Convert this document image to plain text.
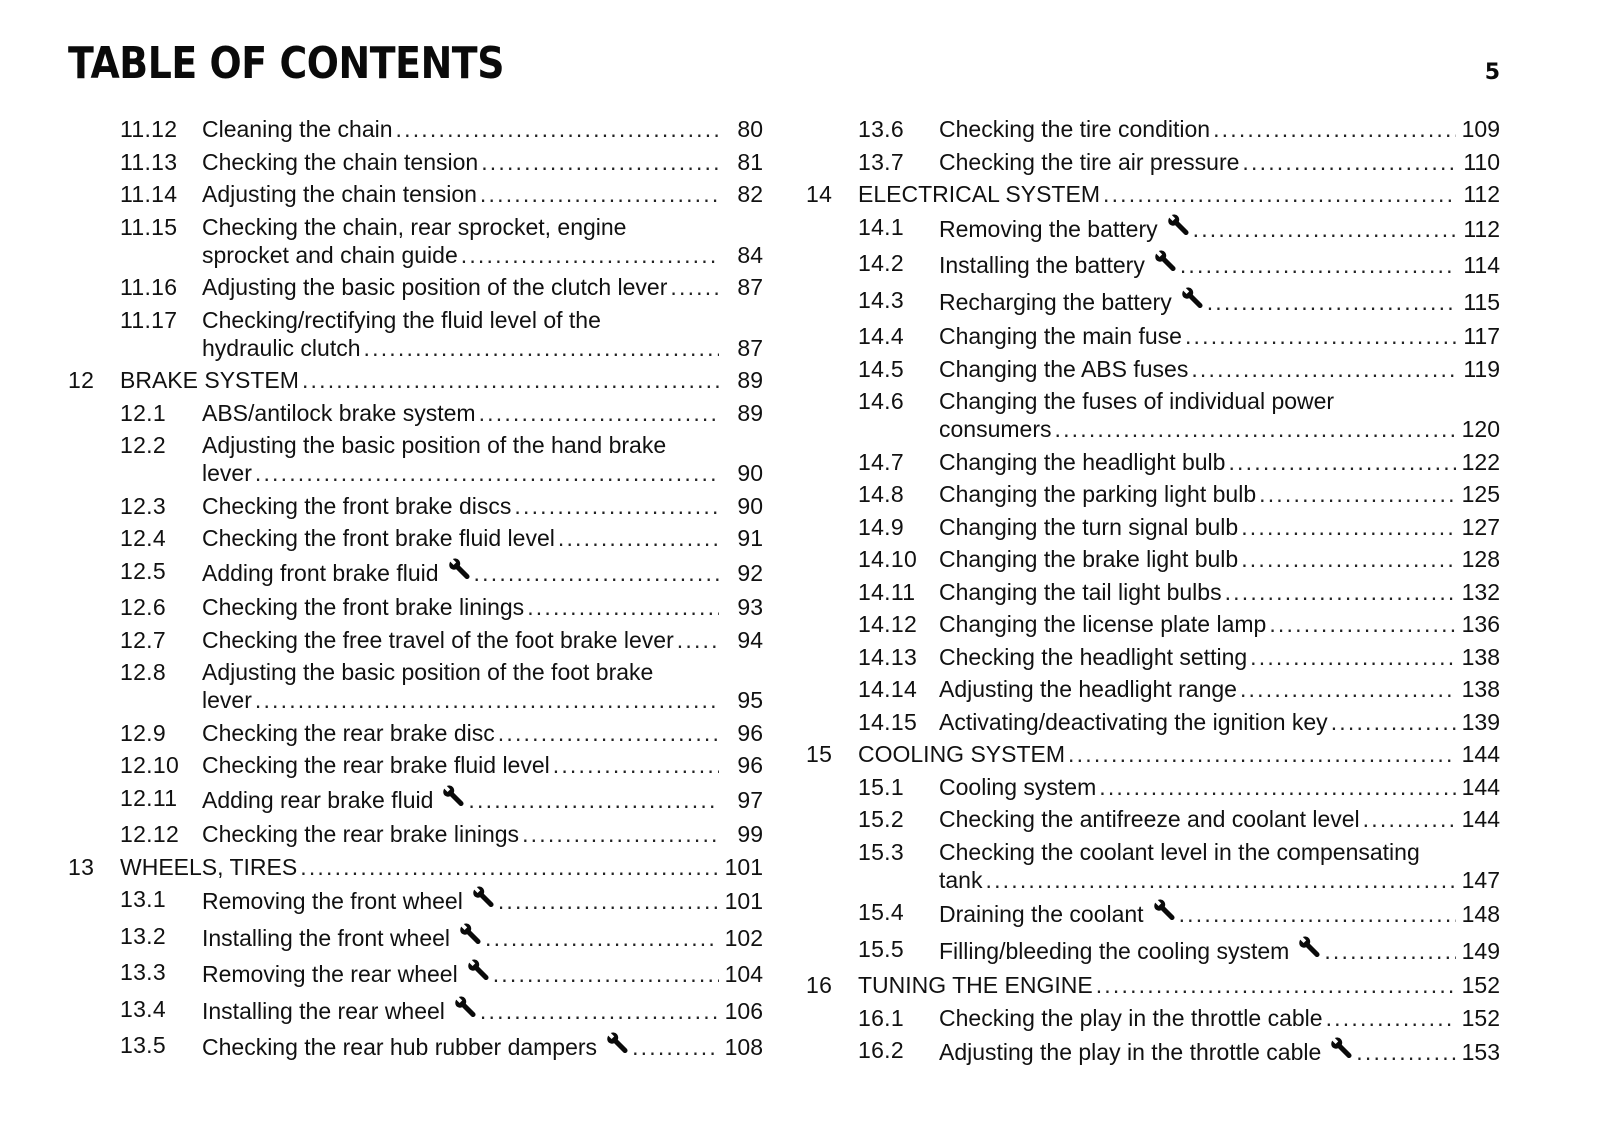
TABLE OF CONTENTS	5
11.12 Cleaning the chain .....	80
11.13 Checking the chain tension .....	81
11.14 Adjusting the chain tension .....	82
11.15 Checking the chain, rear sprocket, engine
sprocket and chain guide .....	84
11.16 Adjusting the basic position of the clutch lever .....	87
11.17 Checking/rectifying the fluid level of the
hydraulic clutch .....	87
12 BRAKE SYSTEM .....	89
12.1 ABS/antilock brake system .....	89
12.2 Adjusting the basic position of the hand brake
lever .....	90
12.3 Checking the front brake discs .....	90
12.4 Checking the front brake fluid level .....	91
12.5 Adding front brake fluid .....	92
12.6 Checking the front brake linings .....	93
12.7 Checking the free travel of the foot brake lever .....	94
12.8 Adjusting the basic position of the foot brake
lever .....	95
12.9 Checking the rear brake disc .....	96
12.10 Checking the rear brake fluid level .....	96
12.11 Adding rear brake fluid .....	97
12.12 Checking the rear brake linings .....	99
13 WHEELS, TIRES .....	101
13.1 Removing the front wheel .....	101
13.2 Installing the front wheel .....	102
13.3 Removing the rear wheel .....	104
13.4 Installing the rear wheel .....	106
13.5 Checking the rear hub rubber dampers .....	108
13.6 Checking the tire condition .....	109
13.7 Checking the tire air pressure .....	110
14 ELECTRICAL SYSTEM .....	112
14.1 Removing the battery .....	112
14.2 Installing the battery .....	114
14.3 Recharging the battery .....	115
14.4 Changing the main fuse .....	117
14.5 Changing the ABS fuses .....	119
14.6 Changing the fuses of individual power
consumers .....	120
14.7 Changing the headlight bulb .....	122
14.8 Changing the parking light bulb .....	125
14.9 Changing the turn signal bulb .....	127
14.10 Changing the brake light bulb .....	128
14.11 Changing the tail light bulbs .....	132
14.12 Changing the license plate lamp .....	136
14.13 Checking the headlight setting .....	138
14.14 Adjusting the headlight range .....	138
14.15 Activating/deactivating the ignition key .....	139
15 COOLING SYSTEM .....	144
15.1 Cooling system .....	144
15.2 Checking the antifreeze and coolant level .....	144
15.3 Checking the coolant level in the compensating
tank .....	147
15.4 Draining the coolant .....	148
15.5 Filling/bleeding the cooling system .....	149
16 TUNING THE ENGINE .....	152
16.1 Checking the play in the throttle cable .....	152
16.2 Adjusting the play in the throttle cable .....	153
